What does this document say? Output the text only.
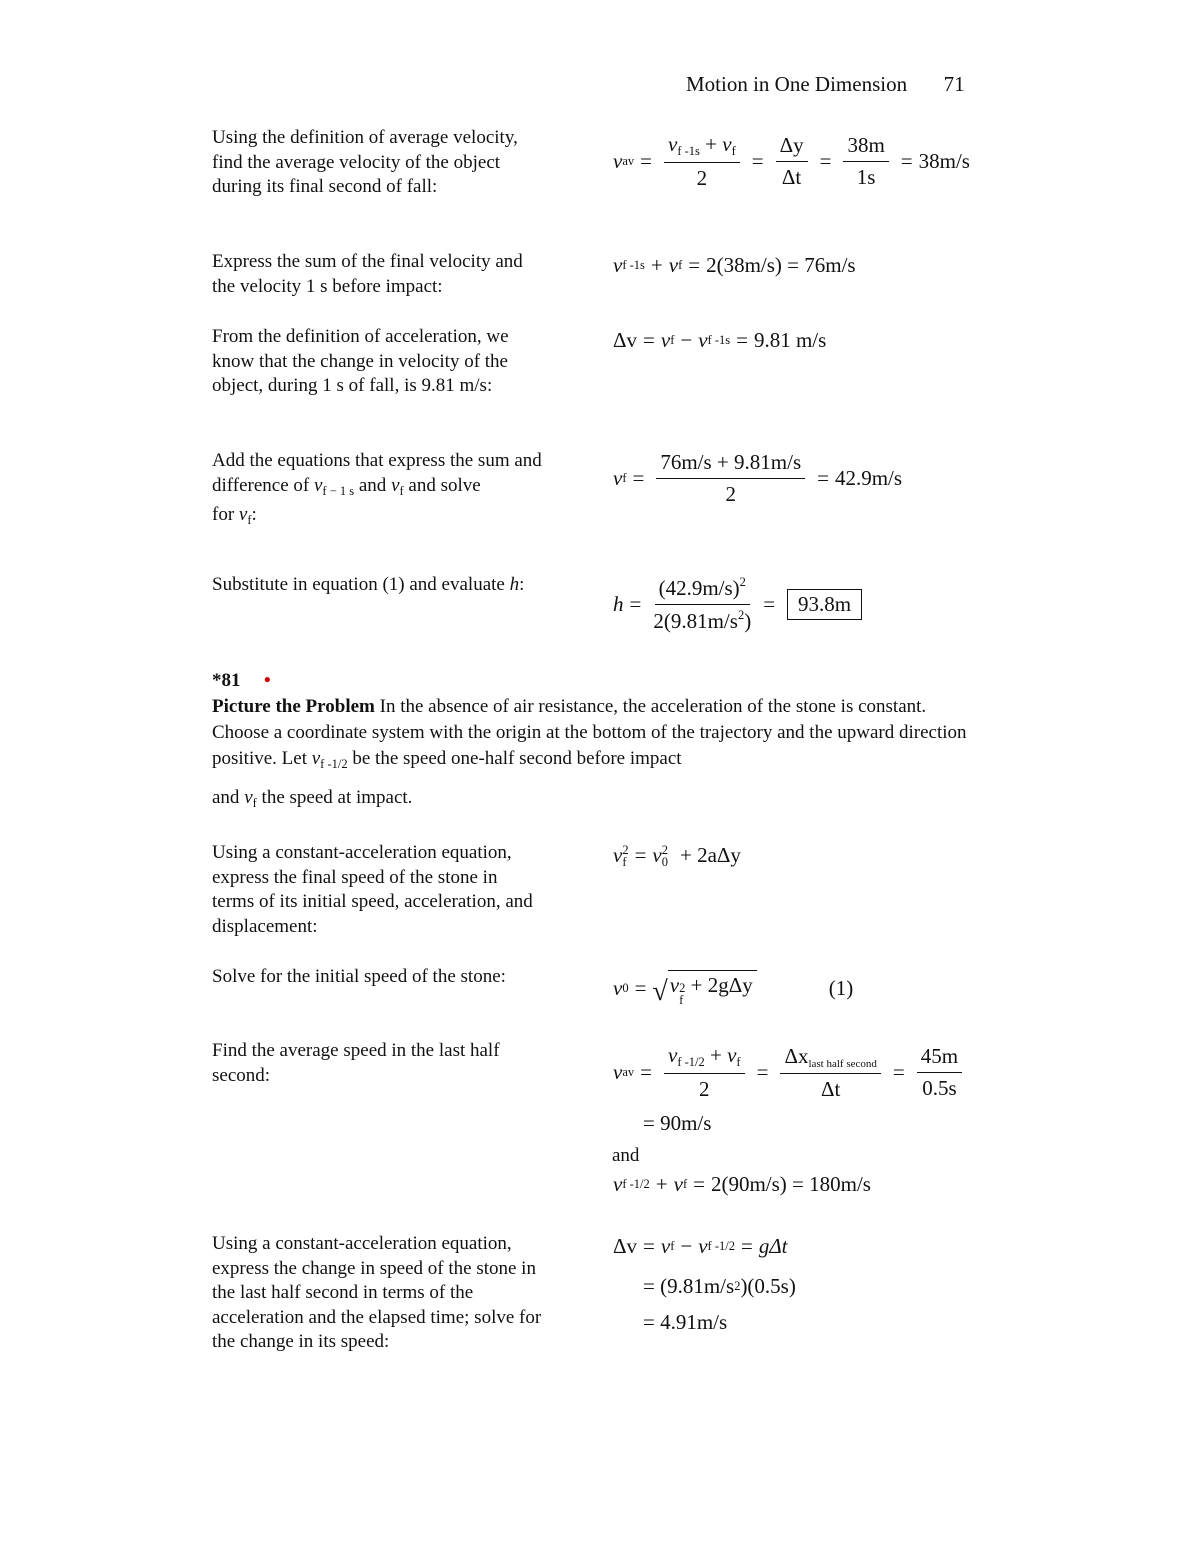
Motion in One Dimension 71
Using the definition of average velocity, find the average velocity of the object during its final second of fall:
v av = $\frac{v_{f -1s} + v_f}{2} = \frac{\Delta y}{\Delta t} = \frac{38m}{1s} = 38m/s$
Express the sum of the final velocity and the velocity 1 s before impact:
v f -1s + v f = 2(38m/s) = 76m/s
From the definition of acceleration, we know that the change in velocity of the object, during 1 s of fall, is 9.81 m/s:
Δv = v f − v f -1s = 9.81 m/s
Add the equations that express the sum and difference of $v_{f - 1 s}$ and $v_f$ and solve
for $v_f$:
v $f = \frac{76m/s + 9.81m/s}{2} = 42.9m/s$
Substitute in equation (1) and evaluate h:
$h = \frac{(42.9m/s)^2}{2(9.81m/s^2)}$ =	93.8m
*81 •
Picture the Problem In the absence of air resistance, the acceleration of the stone is constant. Choose a coordinate system with the origin at the bottom of the trajectory and the upward direction positive. Let $v_{f -1/2}$ be the speed one-half second before impact
and $v_f$ the speed at impact.
Using a constant-acceleration equation, express the final speed of the stone in terms of its initial speed, acceleration, and displacement:
v 2
f = v 2
0 + 2aΔy
Solve for the initial speed of the stone:	v 0 = √ v 2
f
+ 2gΔy	(1)
Find the average speed in the last half second:	v av = $\frac{v_{f -1/2} + v_f}{2} = \frac{\Delta x_{last half second}}{\Delta t} = \frac{45m}{0.5s}$
= 90m/s
and
v f -1/2 + v f = 2(90m/s) = 180m/s
Using a constant-acceleration equation, express the change in speed of the stone in the last half second in terms of the acceleration and the elapsed time; solve for the change in its speed:
Δv = v f − v f -1/2 = gΔt
= (9.81m/s 2 )(0.5s)
= 4.91m/s
